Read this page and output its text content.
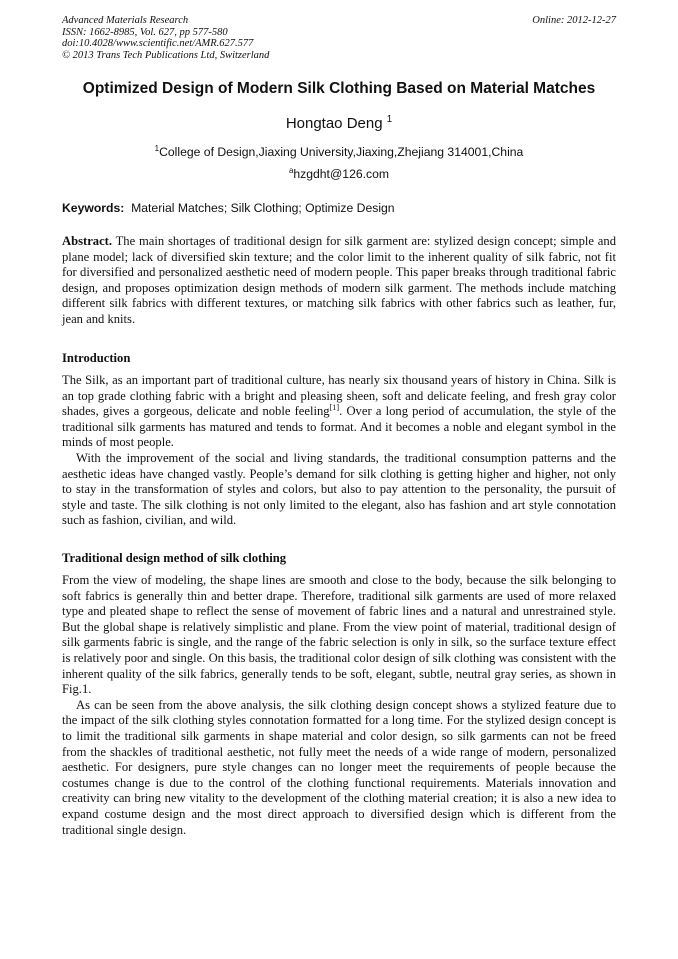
Advanced Materials Research
ISSN: 1662-8985, Vol. 627, pp 577-580
doi:10.4028/www.scientific.net/AMR.627.577
© 2013 Trans Tech Publications Ltd, Switzerland
Online: 2012-12-27
Optimized Design of Modern Silk Clothing Based on Material Matches
Hongtao Deng $^1$
$^1$College of Design,Jiaxing University,Jiaxing,Zhejiang 314001,China
$^a$hzgdht@126.com
Keywords: Material Matches; Silk Clothing; Optimize Design

Abstract. The main shortages of traditional design for silk garment are: stylized design concept; simple and plane model; lack of diversified skin texture; and the color limit to the inherent quality of silk fabric, not fit for diversified and personalized aesthetic need of modern people. This paper breaks through traditional fabric design, and proposes optimization design methods of modern silk garment. The methods include matching different silk fabrics with different textures, or matching silk fabrics with other fabrics such as leather, fur, jean and knits.

Introduction

The Silk, as an important part of traditional culture, has nearly six thousand years of history in China. Silk is an top grade clothing fabric with a bright and pleasing sheen, soft and delicate feeling, and fresh gray color shades, gives a gorgeous, delicate and noble feeling[1]. Over a long period of accumulation, the style of the traditional silk garments has matured and tends to format. And it becomes a noble and elegant symbol in the minds of most people.

With the improvement of the social and living standards, the traditional consumption patterns and the aesthetic ideas have changed vastly. People’s demand for silk clothing is getting higher and higher, not only to stay in the transformation of styles and colors, but also to pay attention to the personality, the pursuit of style and taste. The silk clothing is not only limited to the elegant, also has fashion and art style connotation such as fashion, civilian, and wild.

Traditional design method of silk clothing

From the view of modeling, the shape lines are smooth and close to the body, because the silk belonging to soft fabrics is generally thin and better drape. Therefore, traditional silk garments are used of more relaxed type and pleated shape to reflect the sense of movement of fabric lines and a natural and unrestrained style. But the global shape is relatively simplistic and plane. From the view point of material, traditional design of silk garments fabric is single, and the range of the fabric selection is only in silk, so the surface texture effect is relatively poor and single. On this basis, the traditional color design of silk clothing was consistent with the inherent quality of the silk fabrics, generally tends to be soft, elegant, subtle, neutral gray series, as shown in Fig.1.

As can be seen from the above analysis, the silk clothing design concept shows a stylized feature due to the impact of the silk clothing styles connotation formatted for a long time. For the stylized design concept is to limit the traditional silk garments in shape material and color design, so silk garments can not be freed from the shackles of traditional aesthetic, not fully meet the needs of a wide range of modern, personalized aesthetic. For designers, pure style changes can no longer meet the requirements of people because the costumes change is due to the control of the clothing functional requirements. Materials innovation and creativity can bring new vitality to the development of the clothing material creation; it is also a new idea to expand costume design and the most direct approach to diversified design which is different from the traditional single design.
